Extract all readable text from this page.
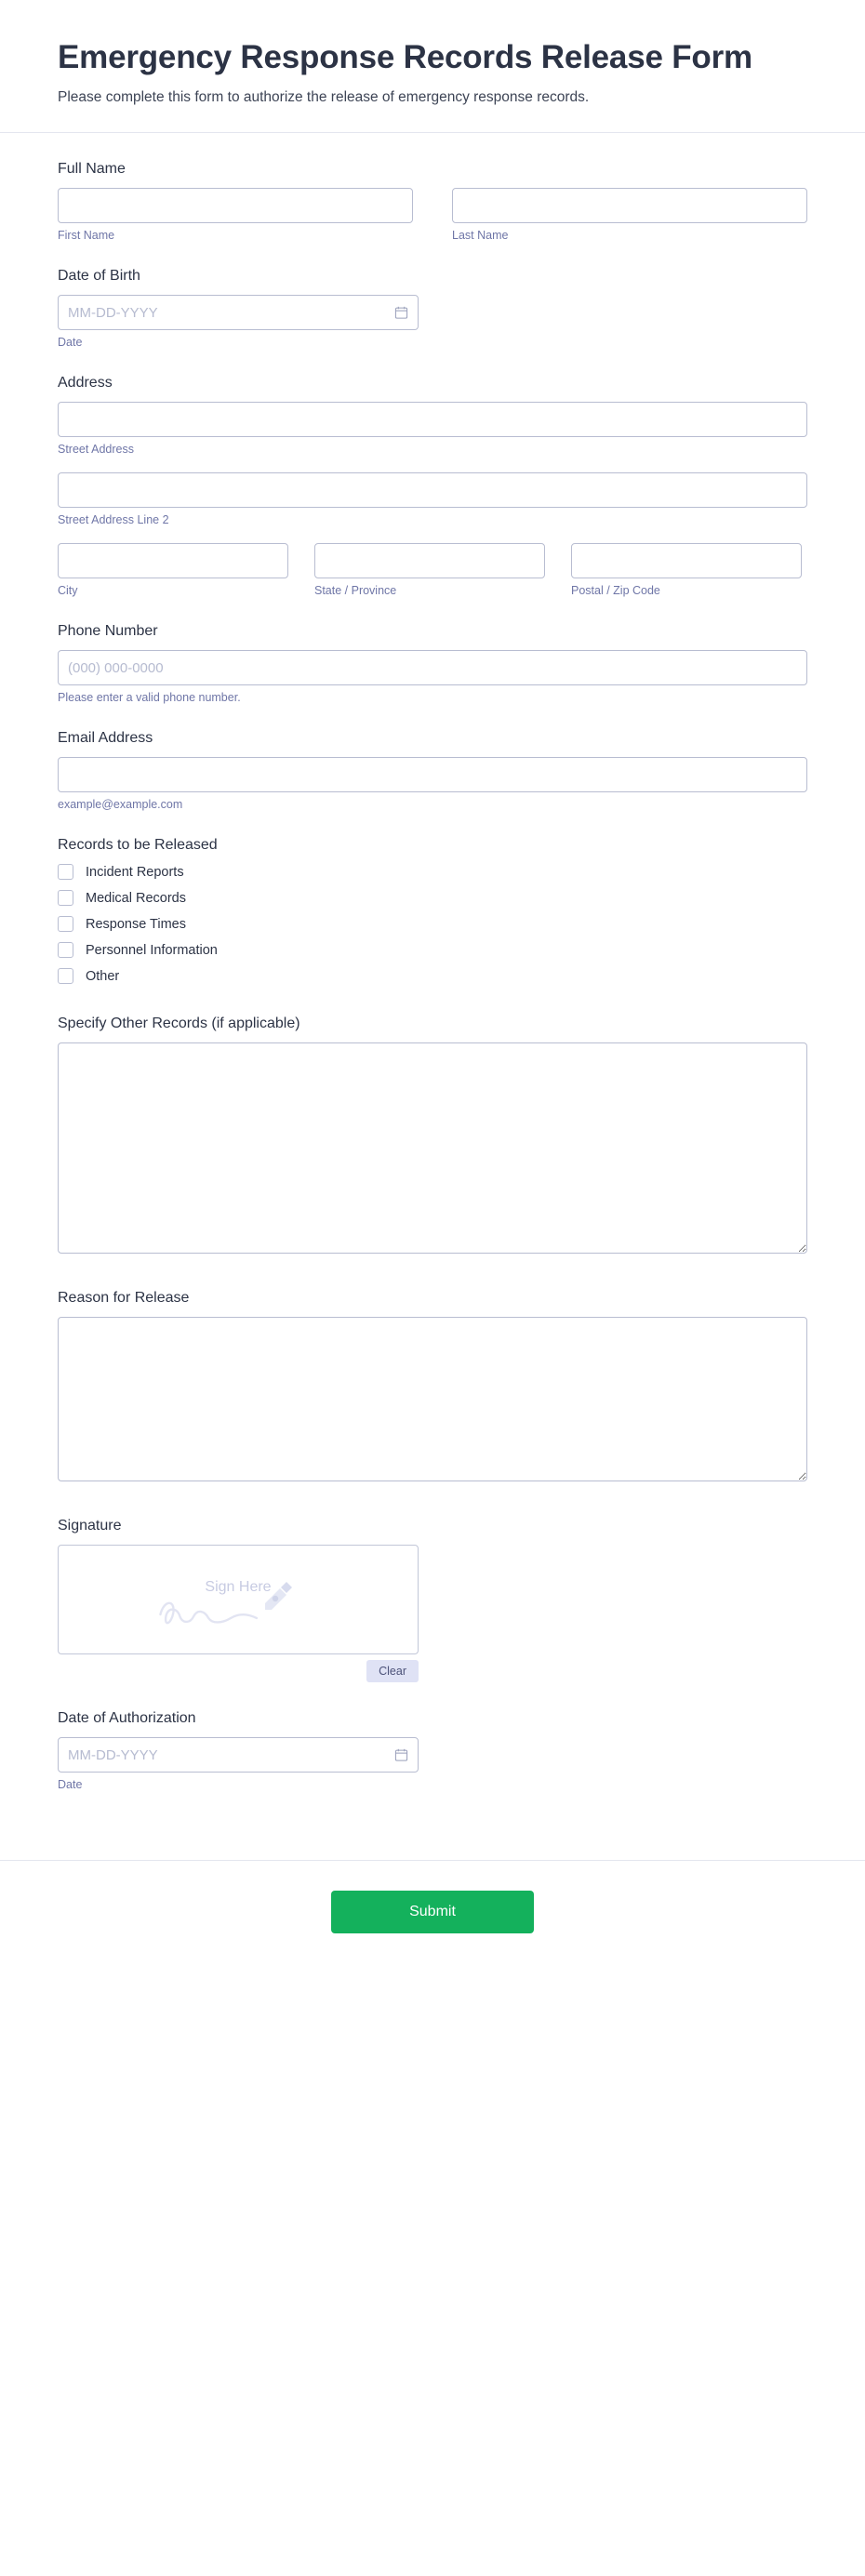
Emergency Response Records Release Form

Please complete this form to authorize the release of emergency response records.

Full Name
First Name	Last Name
Date of Birth
MM-DD-YYYY
Date
Address
Street Address
Street Address Line 2
City	State / Province	Postal / Zip Code
Phone Number
(000) 000-0000
Please enter a valid phone number.
Email Address
example@example.com
Records to be Released
Incident Reports
Medical Records
Response Times
Personnel Information
Other
Specify Other Records (if applicable)
Reason for Release
Signature
Sign Here
Clear
Date of Authorization
MM-DD-YYYY
Date
Submit
